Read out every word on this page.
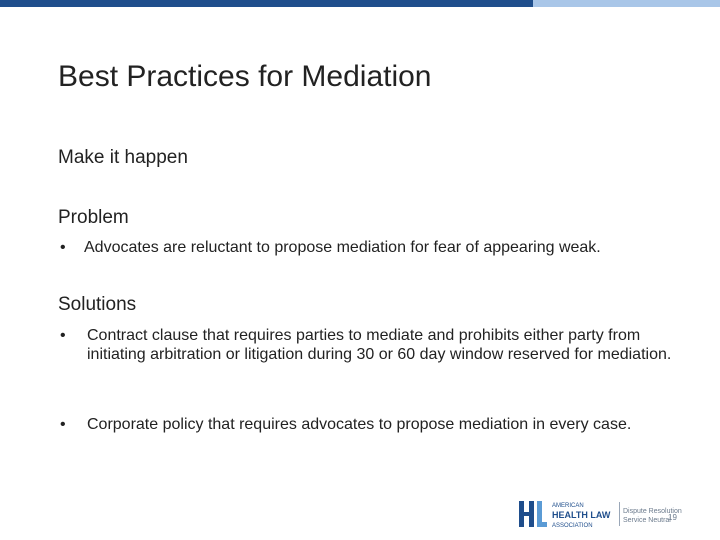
Best Practices for Mediation
Make it happen
Problem
•	Advocates are reluctant to propose mediation for fear of appearing weak.
Solutions
•	Contract clause that requires parties to mediate and prohibits either party from initiating arbitration or litigation during 30 or 60 day window reserved for mediation.
•	Corporate policy that requires advocates to propose mediation in every case.
AMERICAN
HEALTH LAW
ASSOCIATION
Dispute Resolution
Service Neutral
19
